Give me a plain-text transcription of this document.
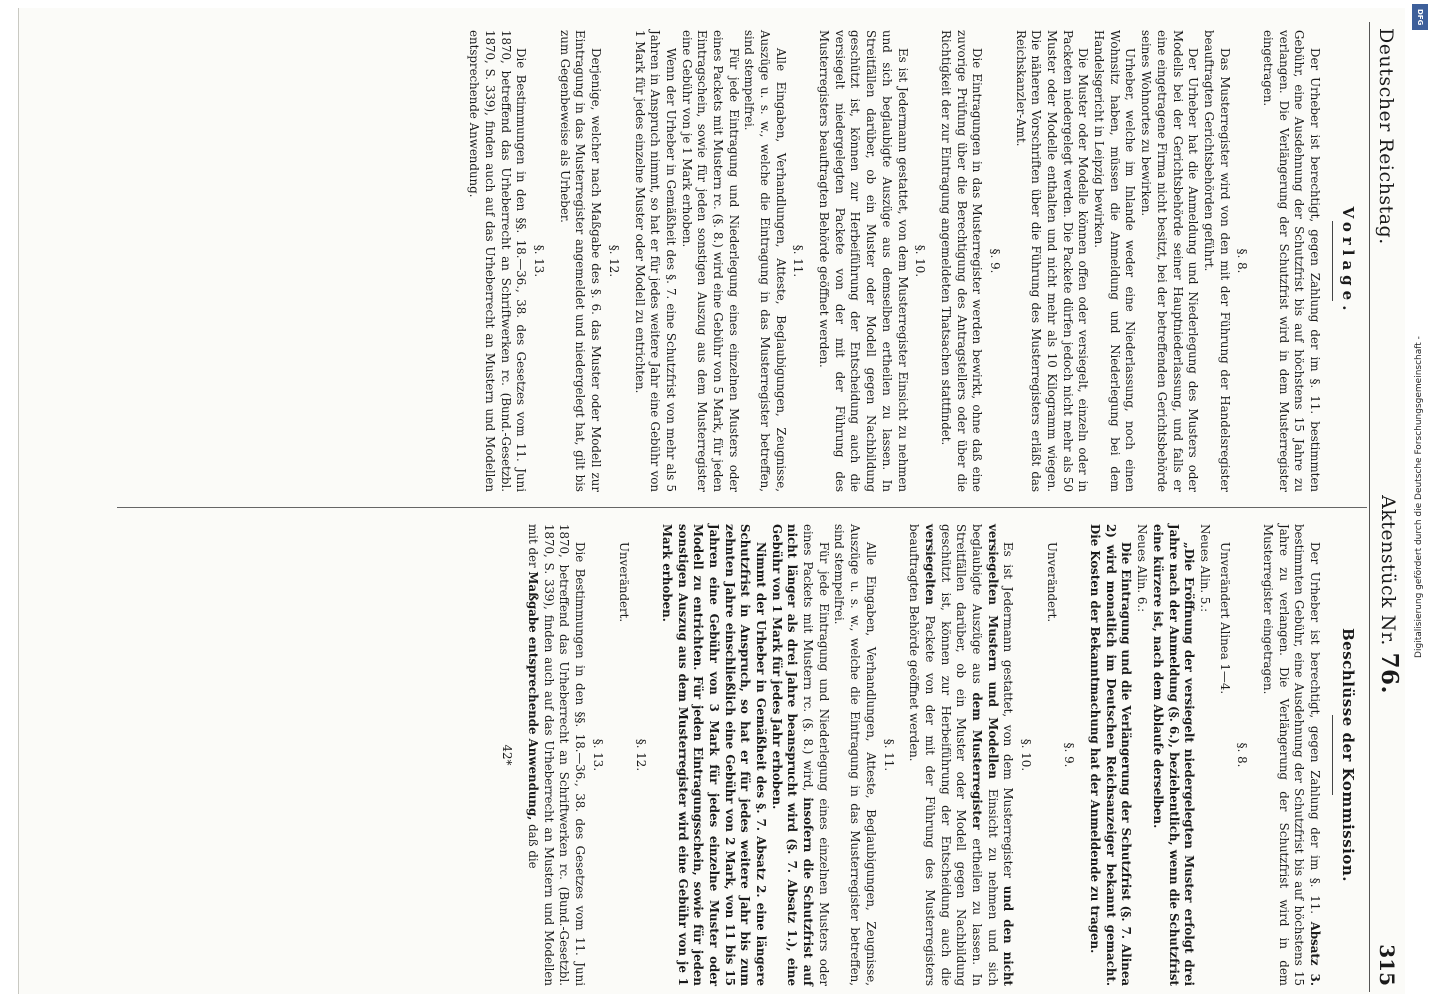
Deutscher Reichstag.
Aktenstück Nr. 76.
315
Vorlage.

Der Urheber ist berechtigt, gegen Zahlung der im §. 11. bestimmten Gebühr, eine Ausdehnung der Schutzfrist bis auf höchstens 15 Jahre zu verlangen. Die Verlängerung der Schutzfrist wird in dem Musterregister eingetragen.

§. 8.

Das Musterregister wird von den mit der Führung der Handelsregister beauftragten Gerichtsbehörden geführt.

Der Urheber hat die Anmeldung und Niederlegung des Musters oder Modells bei der Gerichtsbehörde seiner Hauptniederlassung, und falls er eine eingetragene Firma nicht besitzt, bei der betreffenden Gerichtsbehörde seines Wohnortes zu bewirken.

Urheber, welche im Inlande weder eine Niederlassung, noch einen Wohnsitz haben, müssen die Anmeldung und Niederlegung bei dem Handelsgericht in Leipzig bewirken.

Die Muster oder Modelle können offen oder versiegelt, einzeln oder in Packeten niedergelegt werden. Die Packete dürfen jedoch nicht mehr als 50 Muster oder Modelle enthalten und nicht mehr als 10 Kilogramm wiegen. Die näheren Vorschriften über die Führung des Musterregisters erläßt das Reichskanzler-Amt.

§. 9.

Die Eintragungen in das Musterregister werden bewirkt, ohne daß eine zuvorige Prüfung über die Berechtigung des Antragstellers oder über die Richtigkeit der zur Eintragung angemeldeten Thatsachen stattfindet.

§. 10.

Es ist Jedermann gestattet, von dem Musterregister Einsicht zu nehmen und sich beglaubigte Auszüge aus demselben ertheilen zu lassen. In Streitfällen darüber, ob ein Muster oder Modell gegen Nachbildung geschützt ist, können zur Herbeiführung der Entscheidung auch die versiegelt niedergelegten Packete von der mit der Führung des Musterregisters beauftragten Behörde geöffnet werden.

§. 11.

Alle Eingaben, Verhandlungen, Atteste, Beglaubigungen, Zeugnisse, Auszüge u. s. w., welche die Eintragung in das Musterregister betreffen, sind stempelfrei.

Für jede Eintragung und Niederlegung eines einzelnen Musters oder eines Packets mit Mustern rc. (§. 8.) wird eine Gebühr von 5 Mark, für jeden Eintragschein, sowie für jeden sonstigen Auszug aus dem Musterregister eine Gebühr von je 1 Mark erhoben.

Wenn der Urheber in Gemäßheit des §. 7. eine Schutzfrist von mehr als 5 Jahren in Anspruch nimmt, so hat er für jedes weitere Jahr eine Gebühr von 1 Mark für jedes einzelne Muster oder Modell zu entrichten.

§. 12.

Derjenige, welcher nach Maßgabe des §. 6. das Muster oder Modell zur Eintragung in das Musterregister angemeldet und niedergelegt hat, gilt bis zum Gegenbeweise als Urheber.

§. 13.

Die Bestimmungen in den §§. 18.—36., 38. des Gesetzes vom 11. Juni 1870, betreffend das Urheberrecht an Schriftwerken rc. (Bund.-Gesetzbl. 1870, S. 339), finden auch auf das Urheberrecht an Mustern und Modellen entsprechende Anwendung.

Beschlüsse der Kommission.

Der Urheber ist berechtigt, gegen Zahlung der im §. 11. Absatz 3. bestimmten Gebühr, eine Ausdehnung der Schutzfrist bis auf höchstens 15 Jahre zu verlangen. Die Verlängerung der Schutzfrist wird in dem Musterregister eingetragen.

§. 8.

Unverändert Alinea 1—4.

Neues Alin. 5.:

„Die Eröffnung der versiegelt niedergelegten Muster erfolgt drei Jahre nach der Anmeldung (§. 6.), beziehentlich, wenn die Schutzfrist eine kürzere ist, nach dem Ablaufe derselben.

Neues Alin. 6.:

Die Eintragung und die Verlängerung der Schutzfrist (§. 7. Alinea 2) wird monatlich im Deutschen Reichsanzeiger bekannt gemacht. Die Kosten der Bekanntmachung hat der Anmeldende zu tragen.

§. 9.

Unverändert.

§. 10.

Es ist Jedermann gestattet, von dem Musterregister und den nicht versiegelten Mustern und Modellen Einsicht zu nehmen und sich beglaubigte Auszüge aus dem Musterregister ertheilen zu lassen. In Streitfällen darüber, ob ein Muster oder Modell gegen Nachbildung geschützt ist, können zur Herbeiführung der Entscheidung auch die versiegelten Packete von der mit der Führung des Musterregisters beauftragten Behörde geöffnet werden.

§. 11.

Alle Eingaben, Verhandlungen, Atteste, Beglaubigungen, Zeugnisse, Auszüge u. s. w., welche die Eintragung in das Musterregister betreffen, sind stempelfrei.

Für jede Eintragung und Niederlegung eines einzelnen Musters oder eines Packets mit Mustern rc. (§. 8.) wird, insofern die Schutzfrist auf nicht länger als drei Jahre beansprucht wird (§. 7. Absatz 1.), eine Gebühr von 1 Mark für jedes Jahr erhoben.

Nimmt der Urheber in Gemäßheit des §. 7. Absatz 2. eine längere Schutzfrist in Anspruch, so hat er für jedes weitere Jahr bis zum zehnten Jahre einschließlich eine Gebühr von 2 Mark, von 11 bis 15 Jahren eine Gebühr von 3 Mark für jedes einzelne Muster oder Modell zu entrichten. Für jeden Eintragungsschein, sowie für jeden sonstigen Auszug aus dem Musterregister wird eine Gebühr von je 1 Mark erhoben.

§. 12.

Unverändert.

§. 13.

Die Bestimmungen in den §§. 18.—36., 38. des Gesetzes vom 11. Juni 1870, betreffend das Urheberrecht an Schriftwerken rc. (Bund.-Gesetzbl. 1870, S. 339), finden auch auf das Urheberrecht an Mustern und Modellen mit der Maßgabe entsprechende Anwendung, daß die

42*
DFG
Digitalisierung gefördert durch die Deutsche Forschungsgemeinschaft -
